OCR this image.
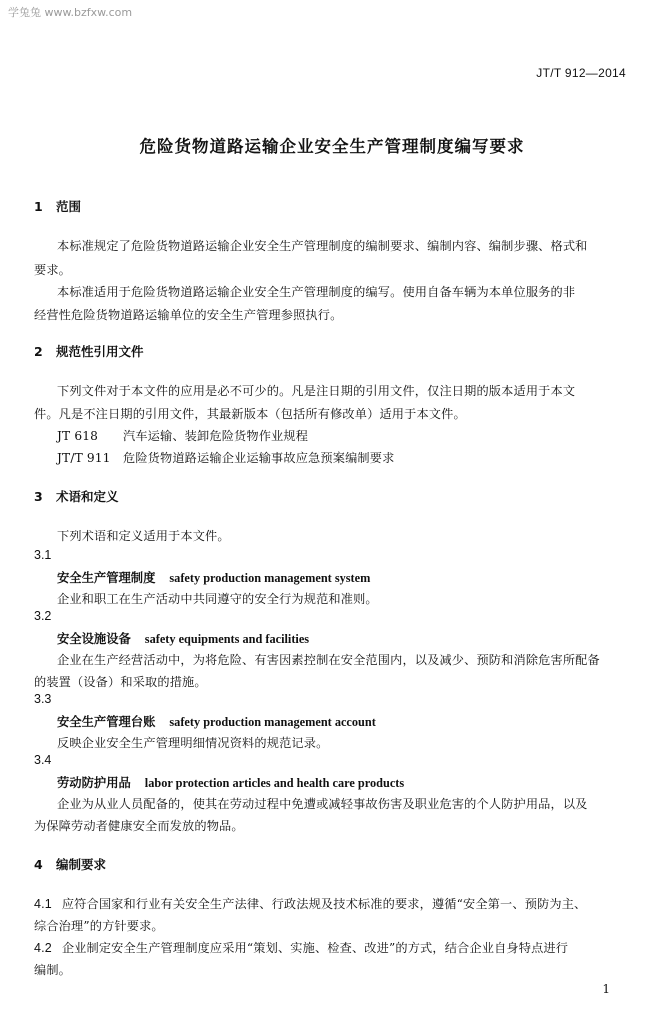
学兔兔 www.bzfxw.com
JT/T 912—2014
危险货物道路运输企业安全生产管理制度编写要求
1 范围
本标准规定了危险货物道路运输企业安全生产管理制度的编制要求、编制内容、编制步骤、格式和
要求。
本标准适用于危险货物道路运输企业安全生产管理制度的编写。使用自备车辆为本单位服务的非
经营性危险货物道路运输单位的安全生产管理参照执行。
2 规范性引用文件
下列文件对于本文件的应用是必不可少的。凡是注日期的引用文件，仅注日期的版本适用于本文
件。凡是不注日期的引用文件，其最新版本（包括所有修改单）适用于本文件。
JT 618 汽车运输、装卸危险货物作业规程
JT/T 911 危险货物道路运输企业运输事故应急预案编制要求
3 术语和定义
下列术语和定义适用于本文件。
3.1
安全生产管理制度 safety production management system
企业和职工在生产活动中共同遵守的安全行为规范和准则。
3.2
安全设施设备 safety equipments and facilities
企业在生产经营活动中，为将危险、有害因素控制在安全范围内，以及减少、预防和消除危害所配备
的装置（设备）和采取的措施。
3.3
安全生产管理台账 safety production management account
反映企业安全生产管理明细情况资料的规范记录。
3.4
劳动防护用品 labor protection articles and health care products
企业为从业人员配备的，使其在劳动过程中免遭或减轻事故伤害及职业危害的个人防护用品，以及
为保障劳动者健康安全而发放的物品。
4 编制要求
4.1 应符合国家和行业有关安全生产法律、行政法规及技术标准的要求，遵循“安全第一、预防为主、
综合治理”的方针要求。
4.2 企业制定安全生产管理制度应采用“策划、实施、检查、改进”的方式，结合企业自身特点进行
编制。
1
